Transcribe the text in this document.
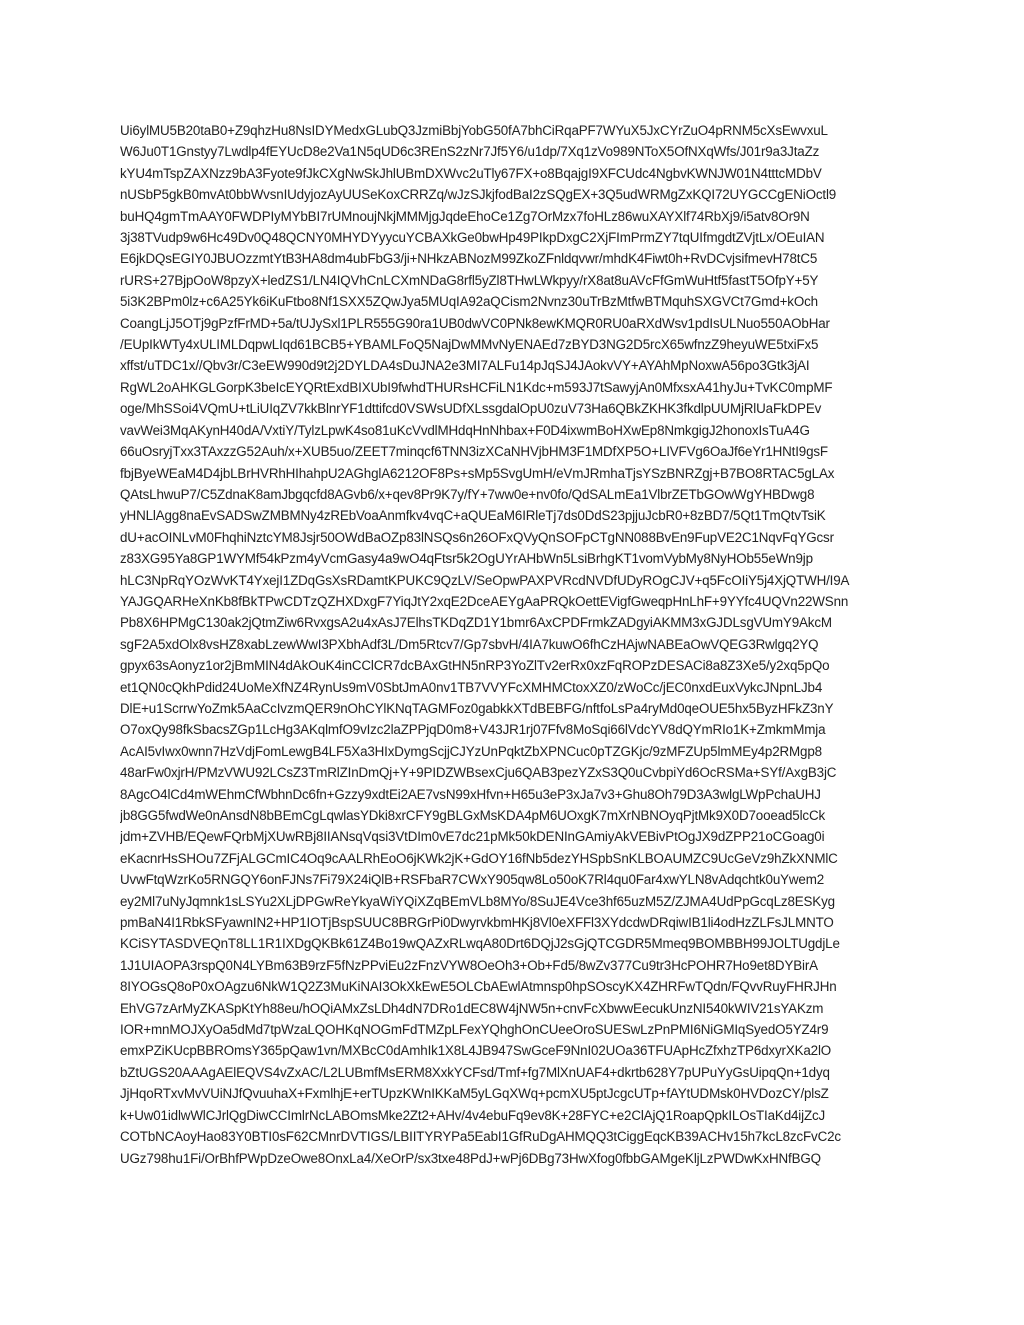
Ui6ylMU5B20taB0+Z9qhzHu8NsIDYMedxGLubQ3JzmiBbjYobG50fA7bhCiRqaPF7WYuX5JxCYrZuO4pRNM5cXsEwvxuL
W6Ju0T1Gnstyy7Lwdlp4fEYUcD8e2Va1N5qUD6c3REnS2zNr7Jf5Y6/u1dp/7Xq1zVo989NToX5OfNXqWfs/J01r9a3JtaZz
kYU4mTspZAXNzz9bA3Fyote9fJkCXgNwSkJhlUBmDXWvc2uTly67FX+o8BqajgI9XFCUdc4NgbvKWNJW01N4tttcMDbV
nUSbP5gkB0mvAt0bbWvsnIUdyjozAyUUSeKoxCRRZq/wJzSJkjfodBaI2zSQgEX+3Q5udWRMgZxKQI72UYGCCgENiOctl9
buHQ4gmTmAAY0FWDPIyMYbBI7rUMnoujNkjMMMjgJqdeEhoCe1Zg7OrMzx7foHLz86wuXAYXlf74RbXj9/i5atv8Or9N
3j38TVudp9w6Hc49Dv0Q48QCNY0MHYDYyycuYCBAXkGe0bwHp49PIkpDxgC2XjFImPrmZY7tqUIfmgdtZVjtLx/OEuIAN
E6jkDQsEGIY0JBUOzzmtYtB3HA8dm4ubFbG3/ji+NHkzABNozM99ZkoZFnldqvwr/mhdK4Fiwt0h+RvDCvjsifmevH78tC5
rURS+27BjpOoW8pzyX+ledZS1/LN4IQVhCnLCXmNDaG8rfl5yZl8THwLWkpyy/rX8at8uAVcFfGmWuHtf5fastT5OfpY+5Y
5i3K2BPm0lz+c6A25Yk6iKuFtbo8Nf1SXX5ZQwJya5MUqIA92aQCism2Nvnz30uTrBzMtfwBTMquhSXGVCt7Gmd+kOch
CoangLjJ5OTj9gPzfFrMD+5a/tUJySxl1PLR555G90ra1UB0dwVC0PNk8ewKMQR0RU0aRXdWsv1pdIsULNuo550AObHar
/EUpIkWTy4xULIMLDqpwLIqd61BCB5+YBAMLFoQ5NajDwMMvNyENAEd7zBYD3NG2D5rcX65wfnzZ9heyuWE5txiFx5
xffst/uTDC1x//Qbv3r/C3eEW990d9t2j2DYLDA4sDuJNA2e3MI7ALFu14pJqSJ4JAokvVY+AYAhMpNoxwA56po3Gtk3jAI
RgWL2oAHKGLGorpK3beIcEYQRtExdBIXUbI9fwhdTHURsHCFiLN1Kdc+m593J7tSawyjAn0MfxsxA41hyJu+TvKC0mpMF
oge/MhSSoi4VQmU+tLiUIqZV7kkBlnrYF1dttifcd0VSWsUDfXLssgdalOpU0zuV73Ha6QBkZKHK3fkdlpUUMjRlUaFkDPEv
vavWei3MqAKynH40dA/VxtiY/TylzLpwK4so81uKcVvdlMHdqHnNhbax+F0D4ixwmBoHXwEp8NmkgigJ2honoxIsTuA4G
66uOsryjTxx3TAxzzG52Auh/x+XUB5uo/ZEET7minqcf6TNN3izXCaNHVjbHM3F1MDfXP5O+LIVFVg6OaJf6eYr1HNtI9gsF
fbjByeWEaM4D4jbLBrHVRhHIhahpU2AGhglA6212OF8Ps+sMp5SvgUmH/eVmJRmhaTjsYSzBNRZgj+B7BO8RTAC5gLAx
QAtsLhwuP7/C5ZdnaK8amJbgqcfd8AGvb6/x+qev8Pr9K7y/fY+7ww0e+nv0fo/QdSALmEa1VlbrZETbGOwWgYHBDwg8
yHNLlAgg8naEvSADSwZMBMNy4zREbVoaAnmfkv4vqC+aQUEaM6IRleTj7ds0DdS23pjjuJcbR0+8zBD7/5Qt1TmQtvTsiK
dU+acOINLvM0FhqhiNztcYM8Jsjr50OWdBaOZp83lNSQs6n26OFxQVyQnSOFpCTgNN088BvEn9FupVE2C1NqvFqYGcsr
z83XG95Ya8GP1WYMf54kPzm4yVcmGasy4a9wO4qFtsr5k2OgUYrAHbWn5LsiBrhgKT1vomVybMy8NyHOb55eWn9jp
hLC3NpRqYOzWvKT4YxejI1ZDqGsXsRDamtKPUKC9QzLV/SeOpwPAXPVRcdNVDfUDyROgCJV+q5FcOIiY5j4XjQTWH/I9A
YAJGQARHeXnKb8fBkTPwCDTzQZHXDxgF7YiqJtY2xqE2DceAEYgAaPRQkOettEVigfGweqpHnLhF+9YYfc4UQVn22WSnn
Pb8X6HPMgC130ak2jQtmZiw6RvxgsA2u4xAsJ7ElhsTKDqZD1Y1bmr6AxCPDFrmkZADgyiAKMM3xGJDLsgVUmY9AkcM
sgF2A5xdOlx8vsHZ8xabLzewWwI3PXbhAdf3L/Dm5Rtcv7/Gp7sbvH/4IA7kuwO6fhCzHAjwNABEaOwVQEG3Rwlgq2YQ
gpyx63sAonyz1or2jBmMIN4dAkOuK4inCClCR7dcBAxGtHN5nRP3YoZlTv2erRx0xzFqROPzDESACi8a8Z3Xe5/y2xq5pQo
et1QN0cQkhPdid24UoMeXfNZ4RynUs9mV0SbtJmA0nv1TB7VVYFcXMHMCtoxXZ0/zWoCc/jEC0nxdEuxVykcJNpnLJb4
DlE+u1ScrrwYoZmk5AaCcIvzmQER9nOhCYlKNqTAGMFoz0gabkkXTdBEBFG/nftfoLsPa4ryMd0qeOUE5hx5ByzHFkZ3nY
O7oxQy98fkSbacsZGp1LcHg3AKqlmfO9vIzc2laZPPjqD0m8+V43JR1rj07Ffv8MoSqi66lVdcYV8dQYmRIo1K+ZmkmMmja
AcAI5vIwx0wnn7HzVdjFomLewgB4LF5Xa3HIxDymgScjjCJYzUnPqktZbXPNCuc0pTZGKjc/9zMFZUp5lmMEy4p2RMgp8
48arFw0xjrH/PMzVWU92LCsZ3TmRlZInDmQj+Y+9PIDZWBsexCju6QAB3pezYZxS3Q0uCvbpiYd6OcRSMa+SYf/AxgB3jC
8AgcO4lCd4mWEhmCfWbhnDc6fn+Gzzy9xdtEi2AE7vsN99xHfvn+H65u3eP3xJa7v3+Ghu8Oh79D3A3wlgLWpPchaUHJ
jb8GG5fwdWe0nAnsdN8bBEmCgLqwlasYDki8xrCFY9gBLGxMsKDA4pM6UOxgK7mXrNBNOyqPjtMk9X0D7ooead5lcCk
jdm+ZVHB/EQewFQrbMjXUwRBj8IIANsqVqsi3VtDIm0vE7dc21pMk50kDENInGAmiyAkVEBivPtOgJX9dZPP21oCGoag0i
eKacnrHsSHOu7ZFjALGCmIC4Oq9cAALRhEoO6jKWk2jK+GdOY16fNb5dezYHSpbSnKLBOAUMZC9UcGeVz9hZkXNMlC
UvwFtqWzrKo5RNGQY6onFJNs7Fi79X24iQlB+RSFbaR7CWxY905qw8Lo50oK7Rl4qu0Far4xwYLN8vAdqchtk0uYwem2
ey2Ml7uNyJqmnk1sLSYu2XLjDPGwReYkyaWiYQiXZqBEmVLb8MYo/8SuJE4Vce3hf65uzM5Z/ZJMA4UdPpGcqLz8ESKyg
pmBaN4I1RbkSFyawnIN2+HP1IOTjBspSUUC8BRGrPi0DwyrvkbmHKj8Vl0eXFFl3XYdcdwDRqiwIB1li4odHzZLFsJLMNTO
KCiSYTASDVEQnT8LL1R1IXDgQKBk61Z4Bo19wQAZxRLwqA80Drt6DQjJ2sGjQTCGDR5Mmeq9BOMBBH99JOLTUgdjLe
1J1UIAOPA3rspQ0N4LYBm63B9rzF5fNzPPviEu2zFnzVYW8OeOh3+Ob+Fd5/8wZv377Cu9tr3HcPOHR7Ho9et8DYBirA
8IYOGsQ8oP0xOAgzu6NkW1Q2Z3MuKiNAI3OkXkEwE5OLCbAEwlAtmnsp0hpSOscyKX4ZHRFwTQdn/FQvvRuyFHRJHn
EhVG7zArMyZKASpKtYh88eu/hOQiAMxZsLDh4dN7DRo1dEC8W4jNW5n+cnvFcXbwwEecukUnzNI540kWIV21sYAKzm
IOR+mnMOJXyOa5dMd7tpWzaLQOHKqNOGmFdTMZpLFexYQhghOnCUeeOroSUESwLzPnPMI6NiGMIqSyedO5YZ4r9
emxPZiKUcpBBROmsY365pQaw1vn/MXBcC0dAmhIk1X8L4JB947SwGceF9NnI02UOa36TFUApHcZfxhzTP6dxyrXKa2lO
bZtUGS20AAAgAElEQVS4vZxAC/L2LUBmfMsERM8XxkYCFsd/Tmf+fg7MlXnUAF4+dkrtb628Y7pUPuYyGsUipqQn+1dyq
JjHqoRTxvMvVUiNJfQvuuhaX+FxmlhjE+erTUpzKWnIKKaM5yLGqXWq+pcmXU5ptJcgcUTp+fAYtUDMsk0HVDozCY/plsZ
k+Uw01idlwWlCJrlQgDiwCCImlrNcLABOmsMke2Zt2+AHv/4v4ebuFq9ev8K+28FYC+e2ClAjQ1RoapQpkILOsTIaKd4ijZcJ
COTbNCAoyHao83Y0BTI0sF62CMnrDVTIGS/LBIITYRYPa5EabI1GfRuDgAHMQQ3tCiggEqcKB39ACHv15h7kcL8zcFvC2c
UGz798hu1Fi/OrBhfPWpDzeOwe8OnxLa4/XeOrP/sx3txe48PdJ+wPj6DBg73HwXfog0fbbGAMgeKljLzPWDwKxHNfBGQ
